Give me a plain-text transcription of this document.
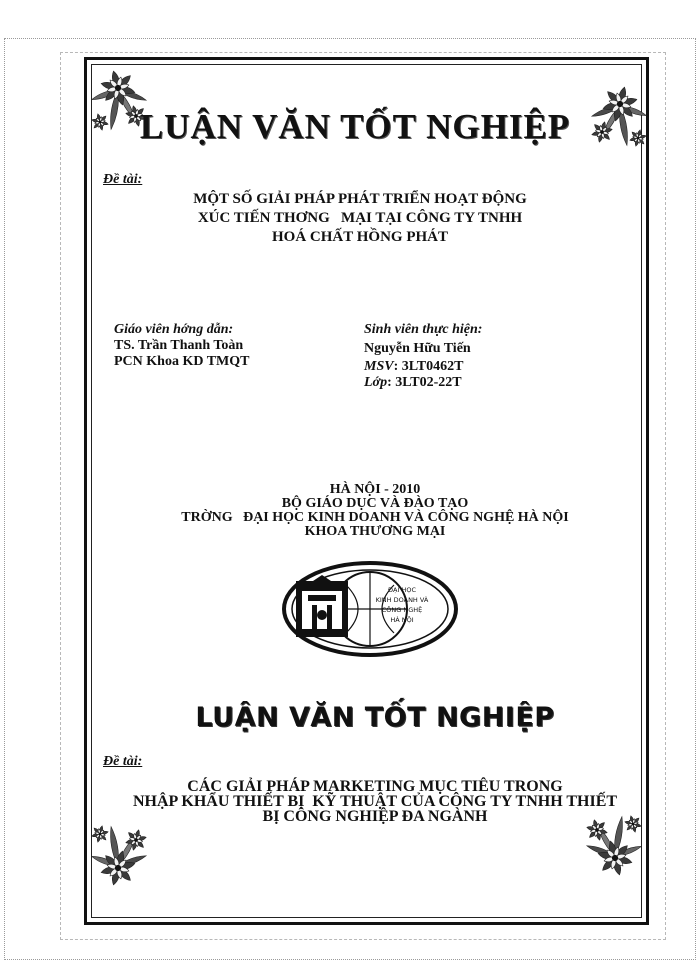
LUẬN VĂN TỐT NGHIỆP
Đề tài:
MỘT SỐ GIẢI PHÁP PHÁT TRIỂN HOẠT ĐỘNG
XÚC TIẾN THƠNG   MẠI TẠI CÔNG TY TNHH
HOÁ CHẤT HỒNG PHÁT
Giáo viên hớng dẫn:
TS. Trần Thanh Toàn
PCN Khoa KD TMQT
Sinh viên thực hiện:
Nguyễn Hữu Tiến
MSV: 3LT0462T
Lớp: 3LT02-22T
HÀ NỘI - 2010
BỘ GIÁO DỤC VÀ ĐÀO TẠO
TRỜNG   ĐẠI HỌC KINH DOANH VÀ CÔNG NGHỆ HÀ NỘI
KHOA THƯƠNG MẠI
ĐẠI HỌC
KINH DOANH VÀ
CÔNG NGHỆ
HÀ NỘI
LUẬN VĂN TỐT NGHIỆP
Đề tài:
CÁC GIẢI PHÁP MARKETING MỤC TIÊU TRONG
NHẬP KHẨU THIẾT BỊ  KỸ THUẬT CỦA CÔNG TY TNHH THIẾT
BỊ CÔNG NGHIỆP ĐA NGÀNH
